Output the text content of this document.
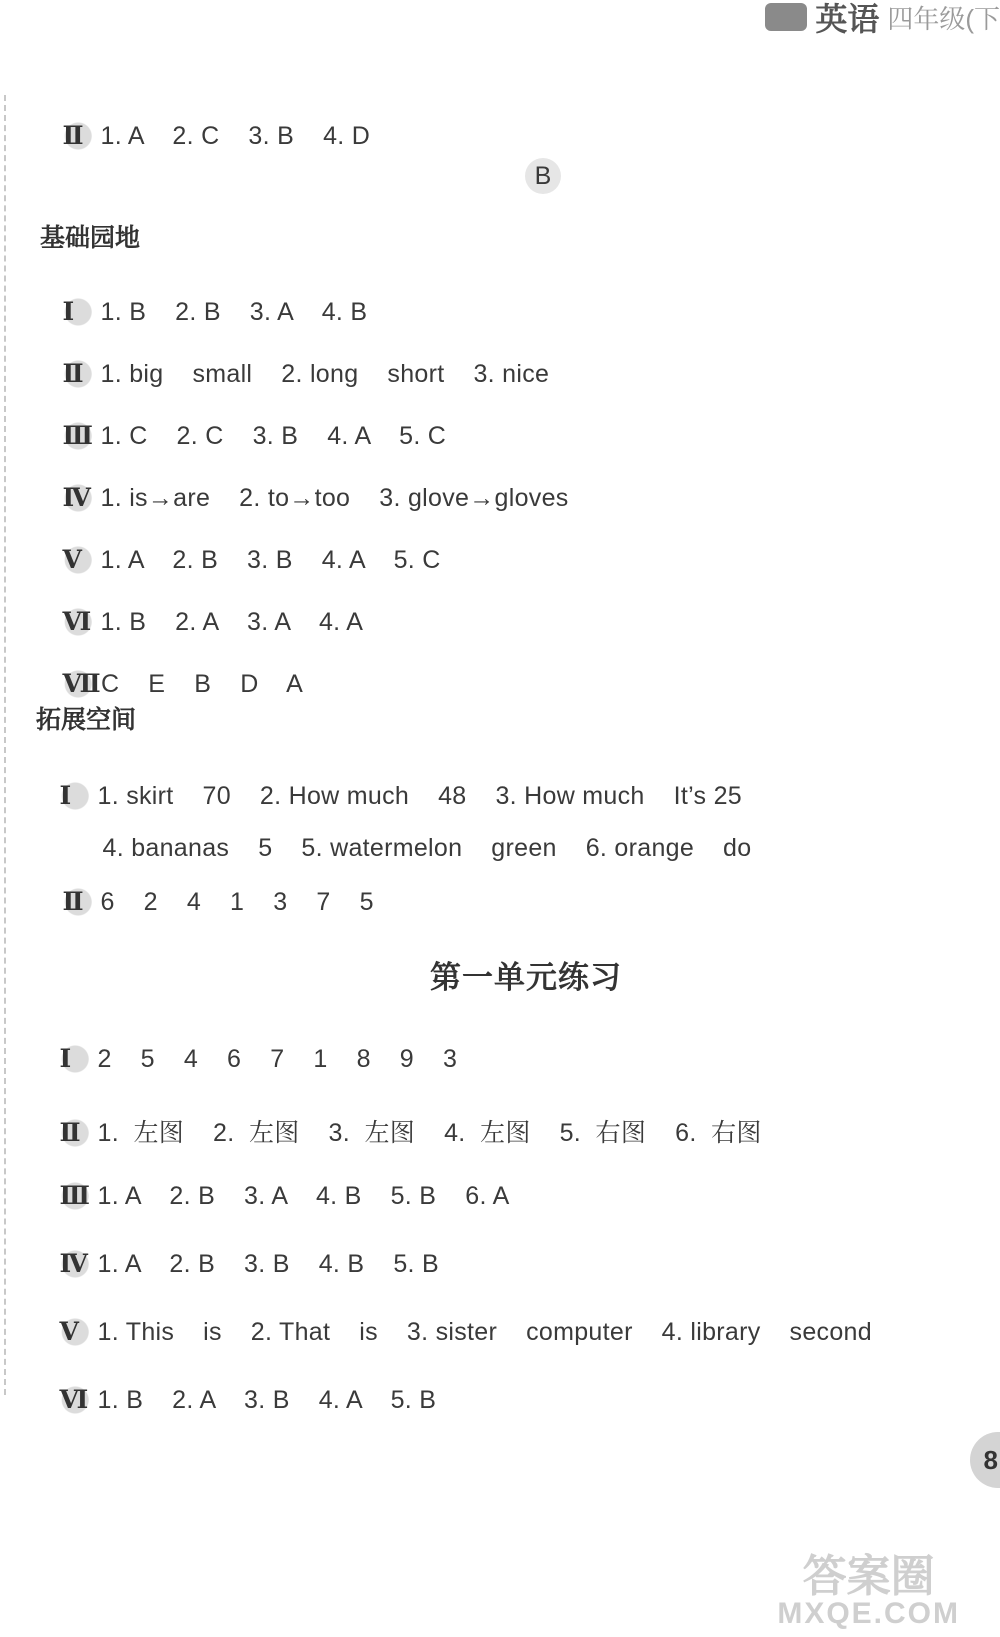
英语 四年级(下

Ⅱ 1. A    2. C    3. B    4. D

B
基础园地

Ⅰ 1. B    2. B    3. A    4. B

Ⅱ 1. big    small    2. long    short    3. nice

Ⅲ 1. C    2. C    3. B    4. A    5. C

Ⅳ 1. is→are    2. to→too    3. glove→gloves

Ⅴ 1. A    2. B    3. B    4. A    5. C

Ⅵ 1. B    2. A    3. A    4. A

ⅦC    E    B    D    A

拓展空间

Ⅰ 1. skirt    70    2. How much    48    3. How much    It’s 25

4. bananas    5    5. watermelon    green    6. orange    do

Ⅱ 6    2    4    1    3    7    5

第一单元练习

Ⅰ 2    5    4    6    7    1    8    9    3

Ⅱ 1.  左图    2.  左图    3.  左图    4.  左图    5.  右图    6.  右图

Ⅲ 1. A    2. B    3. A    4. B    5. B    6. A

Ⅳ 1. A    2. B    3. B    4. B    5. B

Ⅴ 1. This    is    2. That    is    3. sister    computer    4. library    second

Ⅵ 1. B    2. A    3. B    4. A    5. B

8
答案圈
MXQE.COM
